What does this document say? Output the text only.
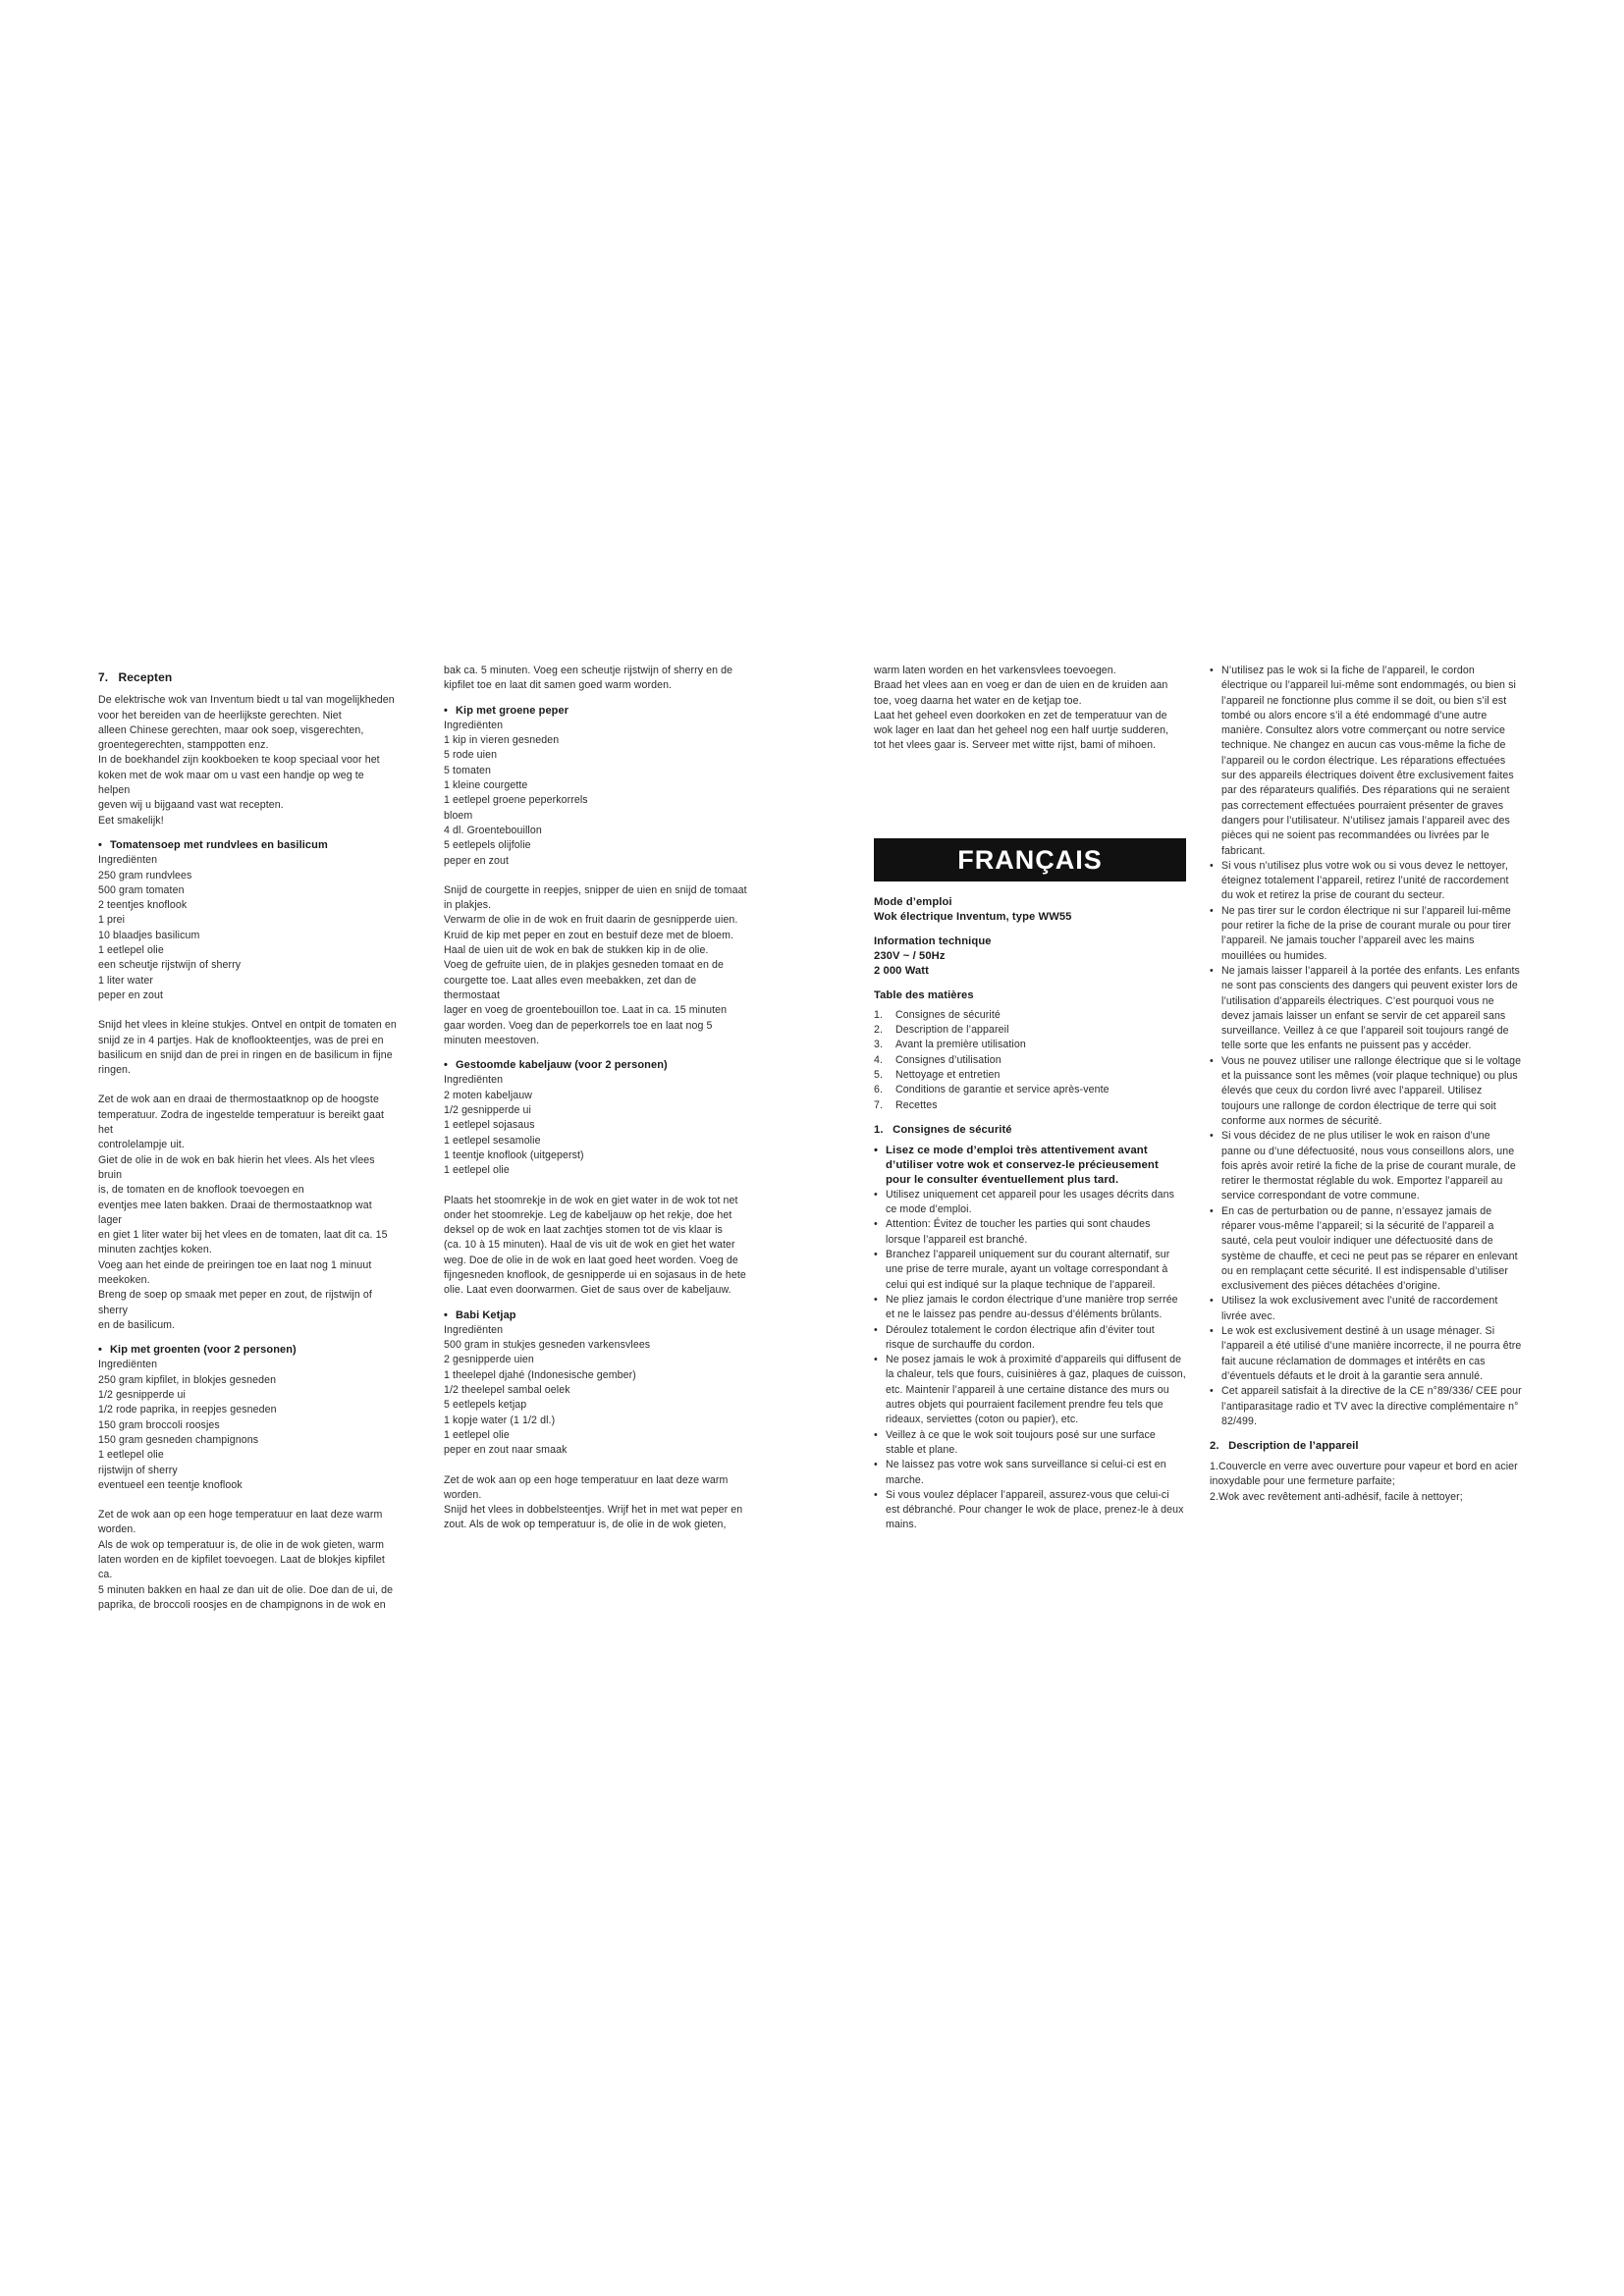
7.   Recepten

De elektrische wok van Inventum biedt u tal van mogelijkheden

voor het bereiden van de heerlijkste gerechten. Niet

alleen Chinese gerechten, maar ook soep, visgerechten,

groentegerechten, stamppotten enz.

In de boekhandel zijn kookboeken te koop speciaal voor het

koken met de wok maar om u vast een handje op weg te helpen

geven wij u bijgaand vast wat recepten.

Eet smakelijk!

• Tomatensoep met rundvlees en basilicum

Ingrediënten

250 gram rundvlees

500 gram tomaten

2 teentjes knoflook

1 prei

10 blaadjes basilicum

1 eetlepel olie

een scheutje rijstwijn of sherry

1 liter water

peper en zout

Snijd het vlees in kleine stukjes. Ontvel en ontpit de tomaten en

snijd ze in 4 partjes. Hak de knoflookteentjes, was de prei en

basilicum en snijd dan de prei in ringen en de basilicum in fijne

ringen.

Zet de wok aan en draai de thermostaatknop op de hoogste

temperatuur. Zodra de ingestelde temperatuur is bereikt gaat het

controlelampje uit.

Giet de olie in de wok en bak hierin het vlees. Als het vlees bruin

is, de tomaten en de knoflook toevoegen en

eventjes mee laten bakken. Draai de thermostaatknop wat lager

en giet 1 liter water bij het vlees en de tomaten, laat dit ca. 15

minuten zachtjes koken.

Voeg aan het einde de preiringen toe en laat nog 1 minuut

meekoken.

Breng de soep op smaak met peper en zout, de rijstwijn of sherry

en de basilicum.

• Kip met groenten (voor 2 personen)

Ingrediënten

250 gram kipfilet, in blokjes gesneden

1/2 gesnipperde ui

1/2 rode paprika, in reepjes gesneden

150 gram broccoli roosjes

150 gram gesneden champignons

1 eetlepel olie

rijstwijn of sherry

eventueel een teentje knoflook

Zet de wok aan op een hoge temperatuur en laat deze warm

worden.

Als de wok op temperatuur is, de olie in de wok gieten, warm

laten worden en de kipfilet toevoegen. Laat de blokjes kipfilet ca.

5 minuten bakken en haal ze dan uit de olie. Doe dan de ui, de

paprika, de broccoli roosjes en de champignons in de wok en

bak ca. 5 minuten. Voeg een scheutje rijstwijn of sherry en de

kipfilet toe en laat dit samen goed warm worden.

• Kip met groene peper

Ingrediënten

1 kip in vieren gesneden

5 rode uien

5 tomaten

1 kleine courgette

1 eetlepel groene peperkorrels

bloem

4 dl. Groentebouillon

5 eetlepels olijfolie

peper en zout

Snijd de courgette in reepjes, snipper de uien en snijd de tomaat

in plakjes.

Verwarm de olie in de wok en fruit daarin de gesnipperde uien.

Kruid de kip met peper en zout en bestuif deze met de bloem.

Haal de uien uit de wok en bak de stukken kip in de olie.

Voeg de gefruite uien, de in plakjes gesneden tomaat en de

courgette toe. Laat alles even meebakken, zet dan de thermostaat

lager en voeg de groentebouillon toe. Laat in ca. 15 minuten

gaar worden. Voeg dan de peperkorrels toe en laat nog 5

minuten meestoven.

• Gestoomde kabeljauw (voor 2 personen)

Ingrediënten

2 moten kabeljauw

1/2 gesnipperde ui

1 eetlepel sojasaus

1 eetlepel sesamolie

1 teentje knoflook (uitgeperst)

1 eetlepel olie

Plaats het stoomrekje in de wok en giet water in de wok tot net

onder het stoomrekje. Leg de kabeljauw op het rekje, doe het

deksel op de wok en laat zachtjes stomen tot de vis klaar is

(ca. 10 à 15 minuten). Haal de vis uit de wok en giet het water

weg. Doe de olie in de wok en laat goed heet worden. Voeg de

fijngesneden knoflook, de gesnipperde ui en sojasaus in de hete

olie. Laat even doorwarmen. Giet de saus over de kabeljauw.

• Babi Ketjap

Ingrediënten

500 gram in stukjes gesneden varkensvlees

2 gesnipperde uien

1 theelepel djahé (Indonesische gember)

1/2 theelepel sambal oelek

5 eetlepels ketjap

1 kopje water (1 1/2 dl.)

1 eetlepel olie

peper en zout naar smaak

Zet de wok aan op een hoge temperatuur en laat deze warm

worden.

Snijd het vlees in dobbelsteentjes. Wrijf het in met wat peper en

zout. Als de wok op temperatuur is, de olie in de wok gieten,

warm laten worden en het varkensvlees toevoegen.

Braad het vlees aan en voeg er dan de uien en de kruiden aan

toe, voeg daarna het water en de ketjap toe.

Laat het geheel even doorkoken en zet de temperatuur van de

wok lager en laat dan het geheel nog een half uurtje sudderen,

tot het vlees gaar is. Serveer met witte rijst, bami of mihoen.

FRANÇAIS

Mode d’emploi

Wok électrique Inventum, type WW55

Information technique

230V ~ / 50Hz

2 000 Watt

Table des matières

1. Consignes de sécurité
2. Description de l’appareil
3. Avant la première utilisation
4. Consignes d’utilisation
5. Nettoyage et entretien
6. Conditions de garantie et service après-vente
7. Recettes

1.   Consignes de sécurité

• Lisez ce mode d’emploi très attentivement avant d’utiliser votre wok et conservez-le précieusement pour le consulter éventuellement plus tard.

• Utilisez uniquement cet appareil pour les usages décrits dans ce mode d’emploi.
• Attention: Évitez de toucher les parties qui sont chaudes lorsque l’appareil est branché.
• Branchez l’appareil uniquement sur du courant alternatif, sur une prise de terre murale, ayant un voltage correspondant à celui qui est indiqué sur la plaque technique de l’appareil.
• Ne pliez jamais le cordon électrique d’une manière trop serrée et ne le laissez pas pendre au-dessus d’éléments brûlants.
• Déroulez totalement le cordon électrique afin d’éviter tout risque de surchauffe du cordon.
• Ne posez jamais le wok à proximité d’appareils qui diffusent de la chaleur, tels que fours, cuisinières à gaz, plaques de cuisson, etc. Maintenir l’appareil à une certaine distance des murs ou autres objets qui pourraient facilement prendre feu tels que rideaux, serviettes (coton ou papier), etc.
• Veillez à ce que le wok soit toujours posé sur une surface stable et plane.
• Ne laissez pas votre wok sans surveillance si celui-ci est en marche.
• Si vous voulez déplacer l’appareil, assurez-vous que celui-ci est débranché. Pour changer le wok de place, prenez-le à deux mains.
• N’utilisez pas le wok si la fiche de l’appareil, le cordon électrique ou l’appareil lui-même sont endommagés, ou bien si l’appareil ne fonctionne plus comme il se doit, ou bien s’il est tombé ou alors encore s’il a été endommagé d’une autre manière. Consultez alors votre commerçant ou notre service technique. Ne changez en aucun cas vous-même la fiche de l’appareil ou le cordon électrique. Les réparations effectuées sur des appareils électriques doivent être exclusivement faites par des réparateurs qualifiés. Des réparations qui ne seraient pas correctement effectuées pourraient présenter de graves dangers pour l’utilisateur. N’utilisez jamais l’appareil avec des pièces qui ne soient pas recommandées ou livrées par le fabricant.
• Si vous n’utilisez plus votre wok ou si vous devez le nettoyer, éteignez totalement l’appareil, retirez l’unité de raccordement du wok et retirez la prise de courant du secteur.
• Ne pas tirer sur le cordon électrique ni sur l’appareil lui-même pour retirer la fiche de la prise de courant murale ou pour tirer l’appareil. Ne jamais toucher l’appareil avec les mains mouillées ou humides.
• Ne jamais laisser l’appareil à la portée des enfants. Les enfants ne sont pas conscients des dangers qui peuvent exister lors de l’utilisation d’appareils électriques. C’est pourquoi vous ne devez jamais laisser un enfant se servir de cet appareil sans surveillance. Veillez à ce que l’appareil soit toujours rangé de telle sorte que les enfants ne puissent pas y accéder.
• Vous ne pouvez utiliser une rallonge électrique que si le voltage et la puissance sont les mêmes (voir plaque technique) ou plus élevés que ceux du cordon livré avec l’appareil. Utilisez toujours une rallonge de cordon électrique de terre qui soit conforme aux normes de sécurité.
• Si vous décidez de ne plus utiliser le wok en raison d’une panne ou d’une défectuosité, nous vous conseillons alors, une fois après avoir retiré la fiche de la prise de courant murale, de retirer le thermostat réglable du wok. Emportez l’appareil au service correspondant de votre commune.
• En cas de perturbation ou de panne, n’essayez jamais de réparer vous-même l’appareil; si la sécurité de l’appareil a sauté, cela peut vouloir indiquer une défectuosité dans de système de chauffe, et ceci ne peut pas se réparer en enlevant ou en remplaçant cette sécurité. Il est indispensable d’utiliser exclusivement des pièces détachées d’origine.
• Utilisez la wok exclusivement avec l’unité de raccordement livrée avec.
• Le wok est exclusivement destiné à un usage ménager. Si l’appareil a été utilisé d’une manière incorrecte, il ne pourra être fait aucune réclamation de dommages et intérêts en cas d’éventuels défauts et le droit à la garantie sera annulé.
• Cet appareil satisfait à la directive de la CE n°89/336/ CEE pour l’antiparasitage radio et TV avec la directive complémentaire n° 82/499.

2.   Description de l’appareil

1.Couvercle en verre avec ouverture pour vapeur et bord en acier inoxydable pour une fermeture parfaite;

2.Wok avec revêtement anti-adhésif, facile à nettoyer;
